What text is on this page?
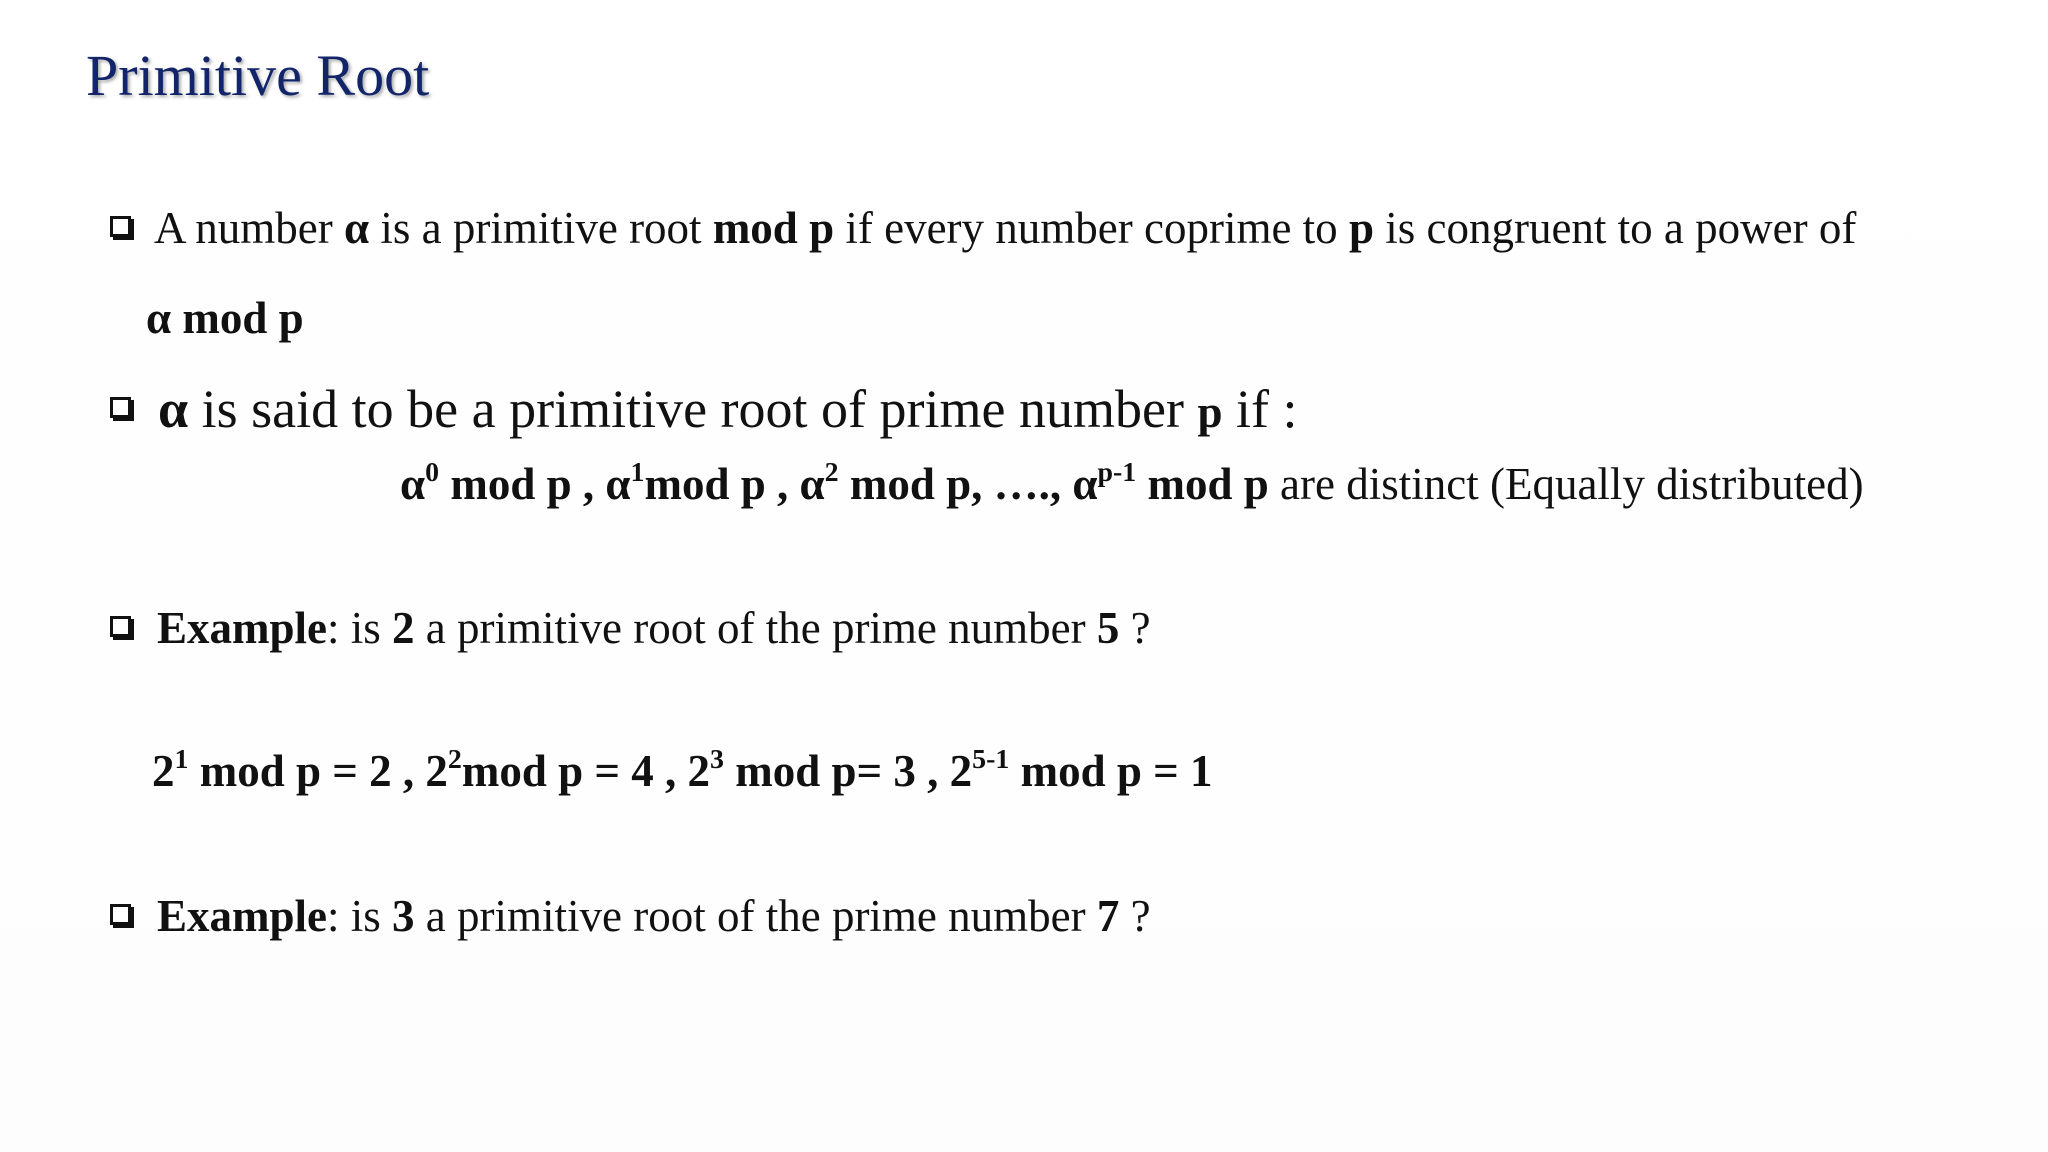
Primitive Root
A number α is a primitive root mod p if every number coprime to p is congruent to a power of
α mod p
α is said to be a primitive root of prime number p if :
$\alpha^0$ mod p , $\alpha^1mod$ p , $\alpha^2$ mod p, …., $\alpha^{p-1}$ mod p are distinct (Equally distributed)
Example: is 2 a primitive root of the prime number 5 ?
$2^1$ mod p = 2 , $2^2mod$ p = 4 , $2^3$ mod p= 3 , 2$^{5-1}$ mod p = 1
Example: is 3 a primitive root of the prime number 7 ?
